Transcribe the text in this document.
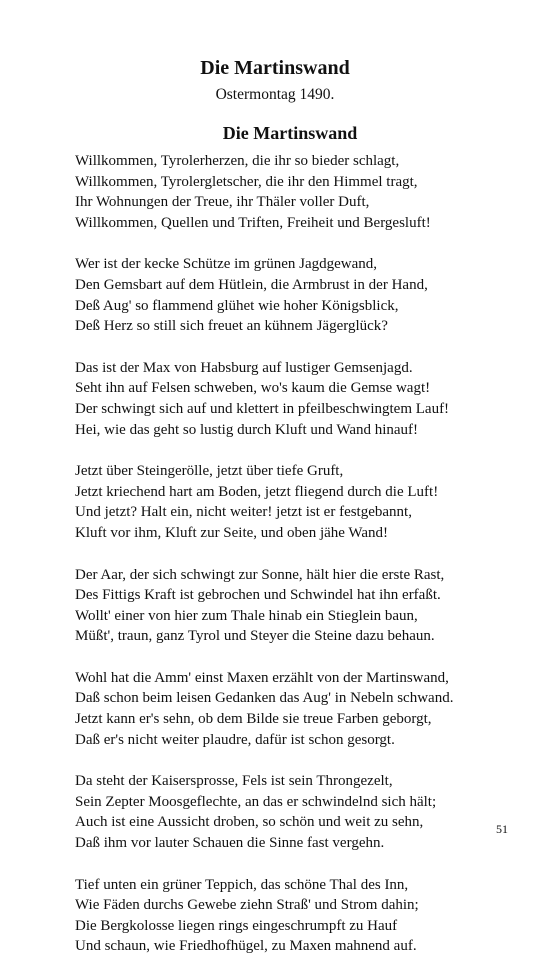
Die Martinswand

Ostermontag 1490.

Die Martinswand
Willkommen, Tyrolerherzen, die ihr so bieder schlagt,
Willkommen, Tyrolergletscher, die ihr den Himmel tragt,
Ihr Wohnungen der Treue, ihr Thäler voller Duft,
Willkommen, Quellen und Triften, Freiheit und Bergesluft!
Wer ist der kecke Schütze im grünen Jagdgewand,
Den Gemsbart auf dem Hütlein, die Armbrust in der Hand,
Deß Aug' so flammend glühet wie hoher Königsblick,
Deß Herz so still sich freuet an kühnem Jägerglück?
Das ist der Max von Habsburg auf lustiger Gemsenjagd.
Seht ihn auf Felsen schweben, wo's kaum die Gemse wagt!
Der schwingt sich auf und klettert in pfeilbeschwingtem Lauf!
Hei, wie das geht so lustig durch Kluft und Wand hinauf!
Jetzt über Steingerölle, jetzt über tiefe Gruft,
Jetzt kriechend hart am Boden, jetzt fliegend durch die Luft!
Und jetzt? Halt ein, nicht weiter! jetzt ist er festgebannt,
Kluft vor ihm, Kluft zur Seite, und oben jähe Wand!
Der Aar, der sich schwingt zur Sonne, hält hier die erste Rast,
Des Fittigs Kraft ist gebrochen und Schwindel hat ihn erfaßt.
Wollt' einer von hier zum Thale hinab ein Stieglein baun,
Müßt', traun, ganz Tyrol und Steyer die Steine dazu behaun.
Wohl hat die Amm' einst Maxen erzählt von der Martinswand,
Daß schon beim leisen Gedanken das Aug' in Nebeln schwand.
Jetzt kann er's sehn, ob dem Bilde sie treue Farben geborgt,
Daß er's nicht weiter plaudre, dafür ist schon gesorgt.
Da steht der Kaisersprosse, Fels ist sein Throngezelt,
Sein Zepter Moosgeflechte, an das er schwindelnd sich hält;
Auch ist eine Aussicht droben, so schön und weit zu sehn,
Daß ihm vor lauter Schauen die Sinne fast vergehn.
Tief unten ein grüner Teppich, das schöne Thal des Inn,
Wie Fäden durchs Gewebe ziehn Straß' und Strom dahin;
Die Bergkolosse liegen rings eingeschrumpft zu Hauf
Und schaun, wie Friedhofhügel, zu Maxen mahnend auf.

51
